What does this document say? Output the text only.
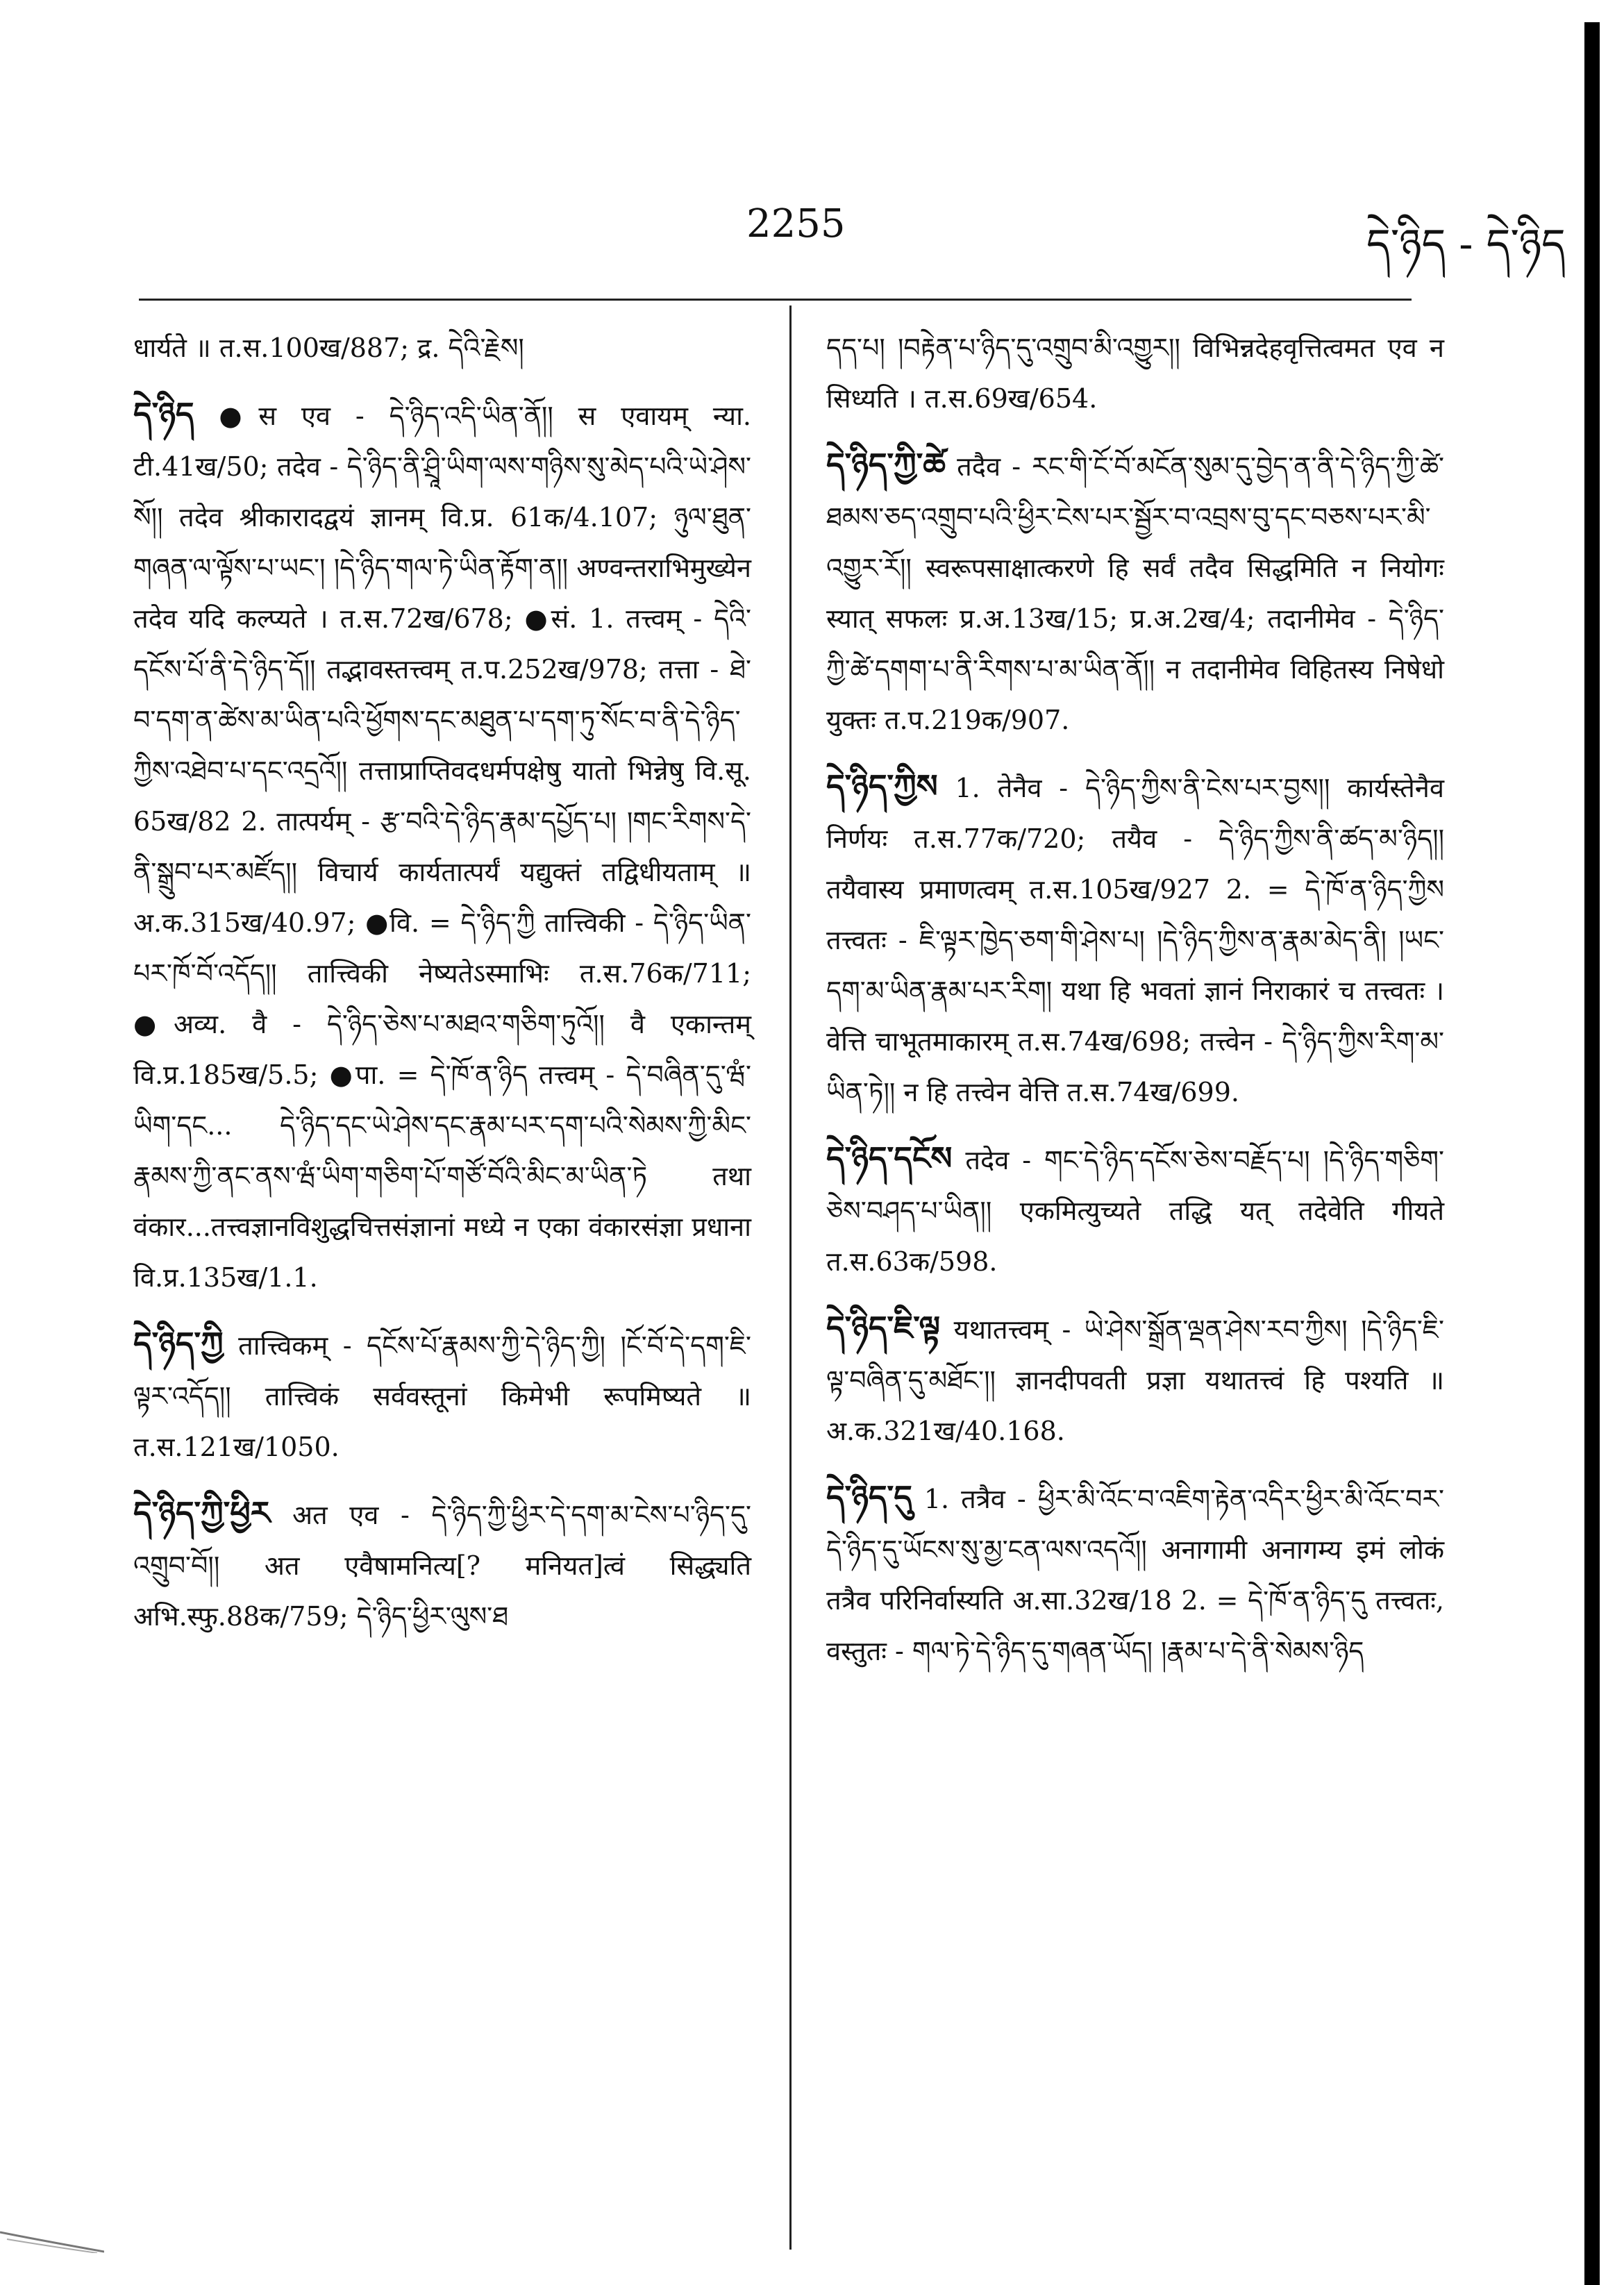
2255	དེ་ཉིད - དེ་ཉིད

धार्यते ॥ त.स.100ख/887; द्र. དེའི་རྗེས།

དེ་ཉིད ●स एव - དེ་ཉིད་འདི་ཡིན་ནོ།། स एवायम् न्या. टी.41ख/50; तदेव - དེ་ཉིད་ནི་ཤྲཱི་ཡིག་ལས་གཉིས་སུ་མེད་པའི་ཡེ་ཤེས་སོ།། तदेव श्रीकारादद्वयं ज्ञानम् वि.प्र. 61क/4.107; ཉུལ་ཐུན་གཞན་ལ་ལྟོས་པ་ཡང་། །དེ་ཉིད་གལ་ཏེ་ཡིན་རྟོག་ན།། अण्वन्तराभिमुख्येन तदेव यदि कल्प्यते । त.स.72ख/678; ●सं. 1. तत्त्वम् - དེའི་དངོས་པོ་ནི་དེ་ཉིད་དོ།། तद्भावस्तत्त्वम् त.प.252ख/978; तत्ता - ཐེ་བ་དག་ན་ཚེས་མ་ཡིན་པའི་ཕྱོགས་དང་མཐུན་པ་དག་ཏུ་སོང་བ་ནི་དེ་ཉིད་ཀྱིས་འཐེབ་པ་དང་འདྲའོ།། तत्ताप्राप्तिवदधर्मपक्षेषु यातो भिन्नेषु वि.सू. 65ख/82 2. तात्पर्यम् - རྩ་བའི་དེ་ཉིད་རྣམ་དཔྱོད་པ། །གང་རིགས་དེ་ནི་སྒྲུབ་པར་མཛོད།། विचार्य कार्यतात्पर्यं यद्युक्तं तद्विधीयताम् ॥ अ.क.315ख/40.97; ●वि. = དེ་ཉིད་ཀྱི तात्त्विकी - དེ་ཉིད་ཡིན་པར་ཁོ་བོ་འདོད།། तात्त्विकी नेष्यतेऽस्माभिः त.स.76क/711; ●अव्य. वै - དེ་ཉིད་ཅེས་པ་མཐའ་གཅིག་ཏུའོ།། वै एकान्तम् वि.प्र.185ख/5.5; ●पा. = དེ་ཁོ་ན་ཉིད तत्त्वम् - དེ་བཞིན་དུ་ཝཾ་ཡིག་དང... དེ་ཉིད་དང་ཡེ་ཤེས་དང་རྣམ་པར་དག་པའི་སེམས་ཀྱི་མིང་རྣམས་ཀྱི་ནང་ནས་ཝཾ་ཡིག་གཅིག་པོ་གཙོ་བོའི་མིང་མ་ཡིན་ཏེ तथा वंकार...तत्त्वज्ञानविशुद्धचित्तसंज्ञानां मध्ये न एका वंकारसंज्ञा प्रधाना वि.प्र.135ख/1.1.

དེ་ཉིད་ཀྱི तात्त्विकम् - དངོས་པོ་རྣམས་ཀྱི་དེ་ཉིད་ཀྱི། །ངོ་བོ་དེ་དག་ཇི་ལྟར་འདོད།། तात्त्विकं सर्ववस्तूनां किमेभी रूपमिष्यते ॥ त.स.121ख/1050.

དེ་ཉིད་ཀྱི་ཕྱིར अत एव - དེ་ཉིད་ཀྱི་ཕྱིར་དེ་དག་མ་ངེས་པ་ཉིད་དུ་འགྲུབ་བོ།། अत एवैषामनित्य[? मनियत]त्वं सिद्ध्यति अभि.स्फु.88क/759; དེ་ཉིད་ཕྱིར་ལུས་ཐ

དད་པ། །བརྟེན་པ་ཉིད་དུ་འགྲུབ་མི་འགྱུར།། विभिन्नदेहवृत्तित्वमत एव न सिध्यति । त.स.69ख/654.

དེ་ཉིད་ཀྱི་ཚེ तदैव - རང་གི་ངོ་བོ་མངོན་སུམ་དུ་བྱེད་ན་ནི་དེ་ཉིད་ཀྱི་ཚེ་ཐམས་ཅད་འགྲུབ་པའི་ཕྱིར་ངེས་པར་སྦྱོར་བ་འབྲས་བུ་དང་བཅས་པར་མི་འགྱུར་རོ།། स्वरूपसाक्षात्करणे हि सर्वं तदैव सिद्धमिति न नियोगः स्यात् सफलः प्र.अ.13ख/15; प्र.अ.2ख/4; तदानीमेव - དེ་ཉིད་ཀྱི་ཚེ་དགག་པ་ནི་རིགས་པ་མ་ཡིན་ནོ།། न तदानीमेव विहितस्य निषेधो युक्तः त.प.219क/907.

དེ་ཉིད་ཀྱིས 1. तेनैव - དེ་ཉིད་ཀྱིས་ནི་ངེས་པར་བྱས།། कार्यस्तेनैव निर्णयः त.स.77क/720; तयैव - དེ་ཉིད་ཀྱིས་ནི་ཚད་མ་ཉིད།། तयैवास्य प्रमाणत्वम् त.स.105ख/927 2. = དེ་ཁོ་ན་ཉིད་ཀྱིས तत्त्वतः - ཇི་ལྟར་ཁྱེད་ཅག་གི་ཤེས་པ། །དེ་ཉིད་ཀྱིས་ན་རྣམ་མེད་ནི། །ཡང་དག་མ་ཡིན་རྣམ་པར་རིག། यथा हि भवतां ज्ञानं निराकारं च तत्त्वतः । वेत्ति चाभूतमाकारम् त.स.74ख/698; तत्त्वेन - དེ་ཉིད་ཀྱིས་རིག་མ་ཡིན་ཏེ།། न हि तत्त्वेन वेत्ति त.स.74ख/699.

དེ་ཉིད་དངོས तदेव - གང་དེ་ཉིད་དངོས་ཅེས་བརྗོད་པ། །དེ་ཉིད་གཅིག་ཅེས་བཤད་པ་ཡིན།། एकमित्युच्यते तद्धि यत् तदेवेति गीयते त.स.63क/598.

དེ་ཉིད་ཇི་ལྟ यथातत्त्वम् - ཡེ་ཤེས་སྒྲོན་ལྡན་ཤེས་རབ་ཀྱིས། །དེ་ཉིད་ཇི་ལྟ་བཞིན་དུ་མཐོང་།། ज्ञानदीपवती प्रज्ञा यथातत्त्वं हि पश्यति ॥ अ.क.321ख/40.168.

དེ་ཉིད་དུ 1. तत्रैव - ཕྱིར་མི་འོང་བ་འཇིག་རྟེན་འདིར་ཕྱིར་མི་འོང་བར་དེ་ཉིད་དུ་ཡོངས་སུ་མྱ་ངན་ལས་འདའོ།། अनागामी अनागम्य इमं लोकं तत्रैव परिनिर्वास्यति अ.सा.32ख/18 2. = དེ་ཁོ་ན་ཉིད་དུ तत्त्वतः, वस्तुतः - གལ་ཏེ་དེ་ཉིད་དུ་གཞན་ཡོད། །རྣམ་པ་དེ་ནི་སེམས་ཉིད
